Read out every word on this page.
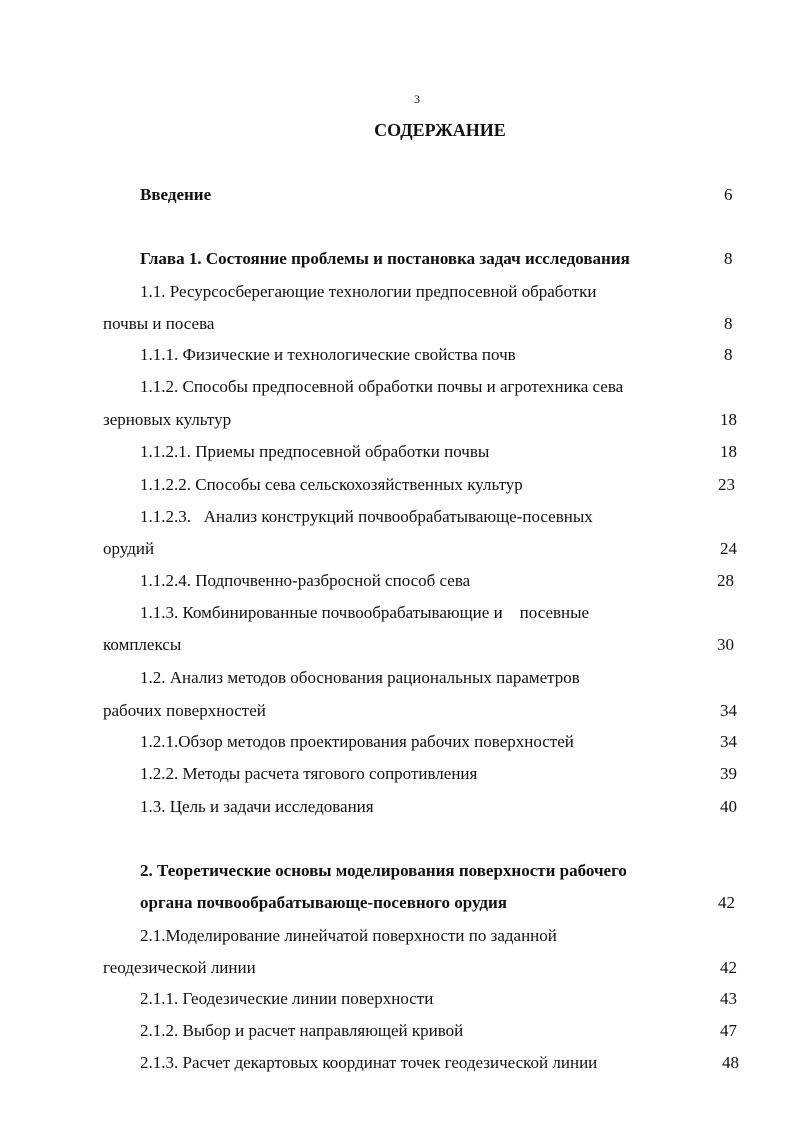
3
СОДЕРЖАНИЕ
Введение	6
Глава 1. Состояние проблемы и постановка задач исследования	8
1.1. Ресурсосберегающие технологии предпосевной обработки
почвы и посева	8
1.1.1. Физические и технологические свойства почв	8
1.1.2. Способы предпосевной обработки почвы и агротехника сева
зерновых культур	18
1.1.2.1. Приемы предпосевной обработки почвы	18
1.1.2.2. Способы сева сельскохозяйственных культур	23
1.1.2.3.   Анализ конструкций почвообрабатывающе-посевных
орудий	24
1.1.2.4. Подпочвенно-разбросной способ сева	28
1.1.3. Комбинированные почвообрабатывающие и    посевные
комплексы	30
1.2. Анализ методов обоснования рациональных параметров
рабочих поверхностей	34
1.2.1.Обзор методов проектирования рабочих поверхностей	34
1.2.2. Методы расчета тягового сопротивления	39
1.3. Цель и задачи исследования	40
2. Теоретические основы моделирования поверхности рабочего
органа почвообрабатывающе-посевного орудия	42
2.1.Моделирование линейчатой поверхности по заданной
геодезической линии	42
2.1.1. Геодезические линии поверхности	43
2.1.2. Выбор и расчет направляющей кривой	47
2.1.3. Расчет декартовых координат точек геодезической линии	48
